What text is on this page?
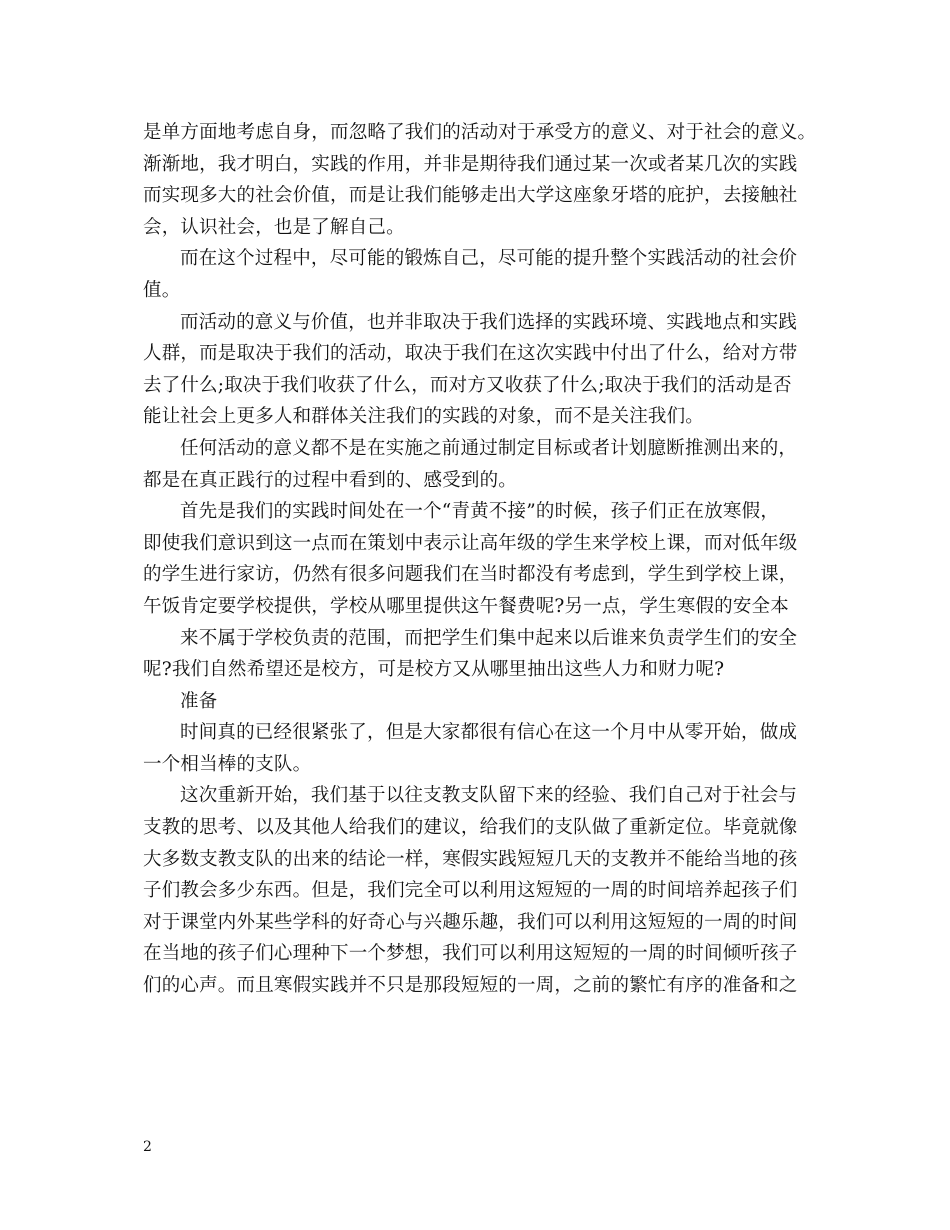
是单方面地考虑自身，而忽略了我们的活动对于承受方的意义、对于社会的意义。
渐渐地，我才明白，实践的作用，并非是期待我们通过某一次或者某几次的实践
而实现多大的社会价值，而是让我们能够走出大学这座象牙塔的庇护，去接触社
会，认识社会，也是了解自己。
而在这个过程中，尽可能的锻炼自己，尽可能的提升整个实践活动的社会价
值。
而活动的意义与价值，也并非取决于我们选择的实践环境、实践地点和实践
人群，而是取决于我们的活动，取决于我们在这次实践中付出了什么，给对方带
去了什么;取决于我们收获了什么，而对方又收获了什么;取决于我们的活动是否
能让社会上更多人和群体关注我们的实践的对象，而不是关注我们。
任何活动的意义都不是在实施之前通过制定目标或者计划臆断推测出来的，
都是在真正践行的过程中看到的、感受到的。
首先是我们的实践时间处在一个“青黄不接”的时候，孩子们正在放寒假，
即使我们意识到这一点而在策划中表示让高年级的学生来学校上课，而对低年级
的学生进行家访，仍然有很多问题我们在当时都没有考虑到，学生到学校上课，
午饭肯定要学校提供，学校从哪里提供这午餐费呢?另一点，学生寒假的安全本
来不属于学校负责的范围，而把学生们集中起来以后谁来负责学生们的安全
呢?我们自然希望还是校方，可是校方又从哪里抽出这些人力和财力呢?
准备
时间真的已经很紧张了，但是大家都很有信心在这一个月中从零开始，做成
一个相当棒的支队。
这次重新开始，我们基于以往支教支队留下来的经验、我们自己对于社会与
支教的思考、以及其他人给我们的建议，给我们的支队做了重新定位。毕竟就像
大多数支教支队的出来的结论一样，寒假实践短短几天的支教并不能给当地的孩
子们教会多少东西。但是，我们完全可以利用这短短的一周的时间培养起孩子们
对于课堂内外某些学科的好奇心与兴趣乐趣，我们可以利用这短短的一周的时间
在当地的孩子们心理种下一个梦想，我们可以利用这短短的一周的时间倾听孩子
们的心声。而且寒假实践并不只是那段短短的一周，之前的繁忙有序的准备和之
2
